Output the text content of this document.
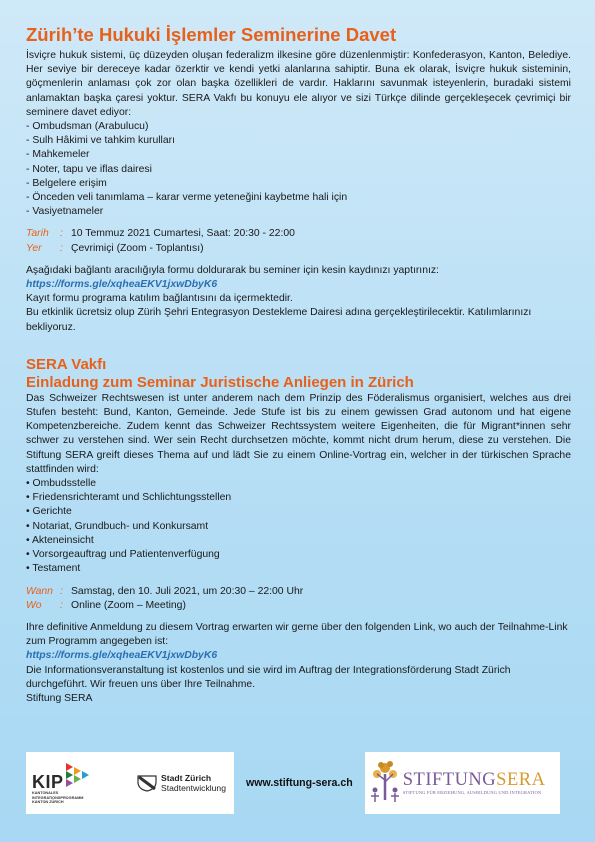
Zürih’te Hukuki İşlemler Seminerine Davet

İsviçre hukuk sistemi, üç düzeyden oluşan federalizm ilkesine göre düzenlenmiştir: Konfederasyon, Kanton, Belediye. Her seviye bir dereceye kadar özerktir ve kendi yetki alanlarına sahiptir. Buna ek olarak, İsviçre hukuk sisteminin, göçmenlerin anlaması çok zor olan başka özellikleri de vardır. Haklarını savunmak isteyenlerin, buradaki sistemi anlamaktan başka çaresi yoktur. SERA Vakfı bu konuyu ele alıyor ve sizi Türkçe dilinde gerçekleşecek çevrimiçi bir seminere davet ediyor:

- Ombudsman (Arabulucu)
- Sulh Hâkimi ve tahkim kurulları
- Mahkemeler
- Noter, tapu ve iflas dairesi
- Belgelere erişim
- Önceden veli tanımlama – karar verme yeteneğini kaybetme hali için
- Vasiyetnameler
Tarih	: 10 Temmuz 2021 Cumartesi, Saat: 20:30 - 22:00
Yer	: Çevrimiçi (Zoom - Toplantısı)

Aşağıdaki bağlantı aracılığıyla formu doldurarak bu seminer için kesin kaydınızı yaptırınız:

https://forms.gle/xqheaEKV1jxwDbyK6

Kayıt formu programa katılım bağlantısını da içermektedir.

Bu etkinlik ücretsiz olup Zürih Şehri Entegrasyon Destekleme Dairesi adına gerçekleştirilecektir. Katılımlarınızı bekliyoruz.

SERA Vakfı
Einladung zum Seminar Juristische Anliegen in Zürich

Das Schweizer Rechtswesen ist unter anderem nach dem Prinzip des Föderalismus organisiert, welches aus drei Stufen besteht: Bund, Kanton, Gemeinde. Jede Stufe ist bis zu einem gewissen Grad autonom und hat eigene Kompetenzbereiche. Zudem kennt das Schweizer Rechtssystem weitere Eigenheiten, die für Migrant*innen sehr schwer zu verstehen sind. Wer sein Recht durchsetzen möchte, kommt nicht drum herum, diese zu verstehen. Die Stiftung SERA greift dieses Thema auf und lädt Sie zu einem Online-Vortrag ein, welcher in der türkischen Sprache stattfinden wird:

• Ombudsstelle
• Friedensrichteramt und Schlichtungsstellen
• Gerichte
• Notariat, Grundbuch- und Konkursamt
• Akteneinsicht
• Vorsorgeauftrag und Patientenverfügung
• Testament
Wann : Samstag, den 10. Juli 2021, um 20:30 – 22:00 Uhr
Wo	: Online (Zoom – Meeting)

Ihre definitive Anmeldung zu diesem Vortrag erwarten wir gerne über den folgenden Link, wo auch der Teilnahme-Link zum Programm angegeben ist:

https://forms.gle/xqheaEKV1jxwDbyK6

Die Informationsveranstaltung ist kostenlos und sie wird im Auftrag der Integrationsförderung Stadt Zürich durchgeführt. Wir freuen uns über Ihre Teilnahme.

Stiftung SERA

KIP
KANTONALES
INTEGRATIONSPROGRAMM
KANTON ZÜRICH
Stadt Zürich
Stadtentwicklung www.stiftung-sera.ch	STIFTUNGSERA
STIFTUNG FÜR ERZIEHUNG, AUSBILDUNG UND INTEGRATION
